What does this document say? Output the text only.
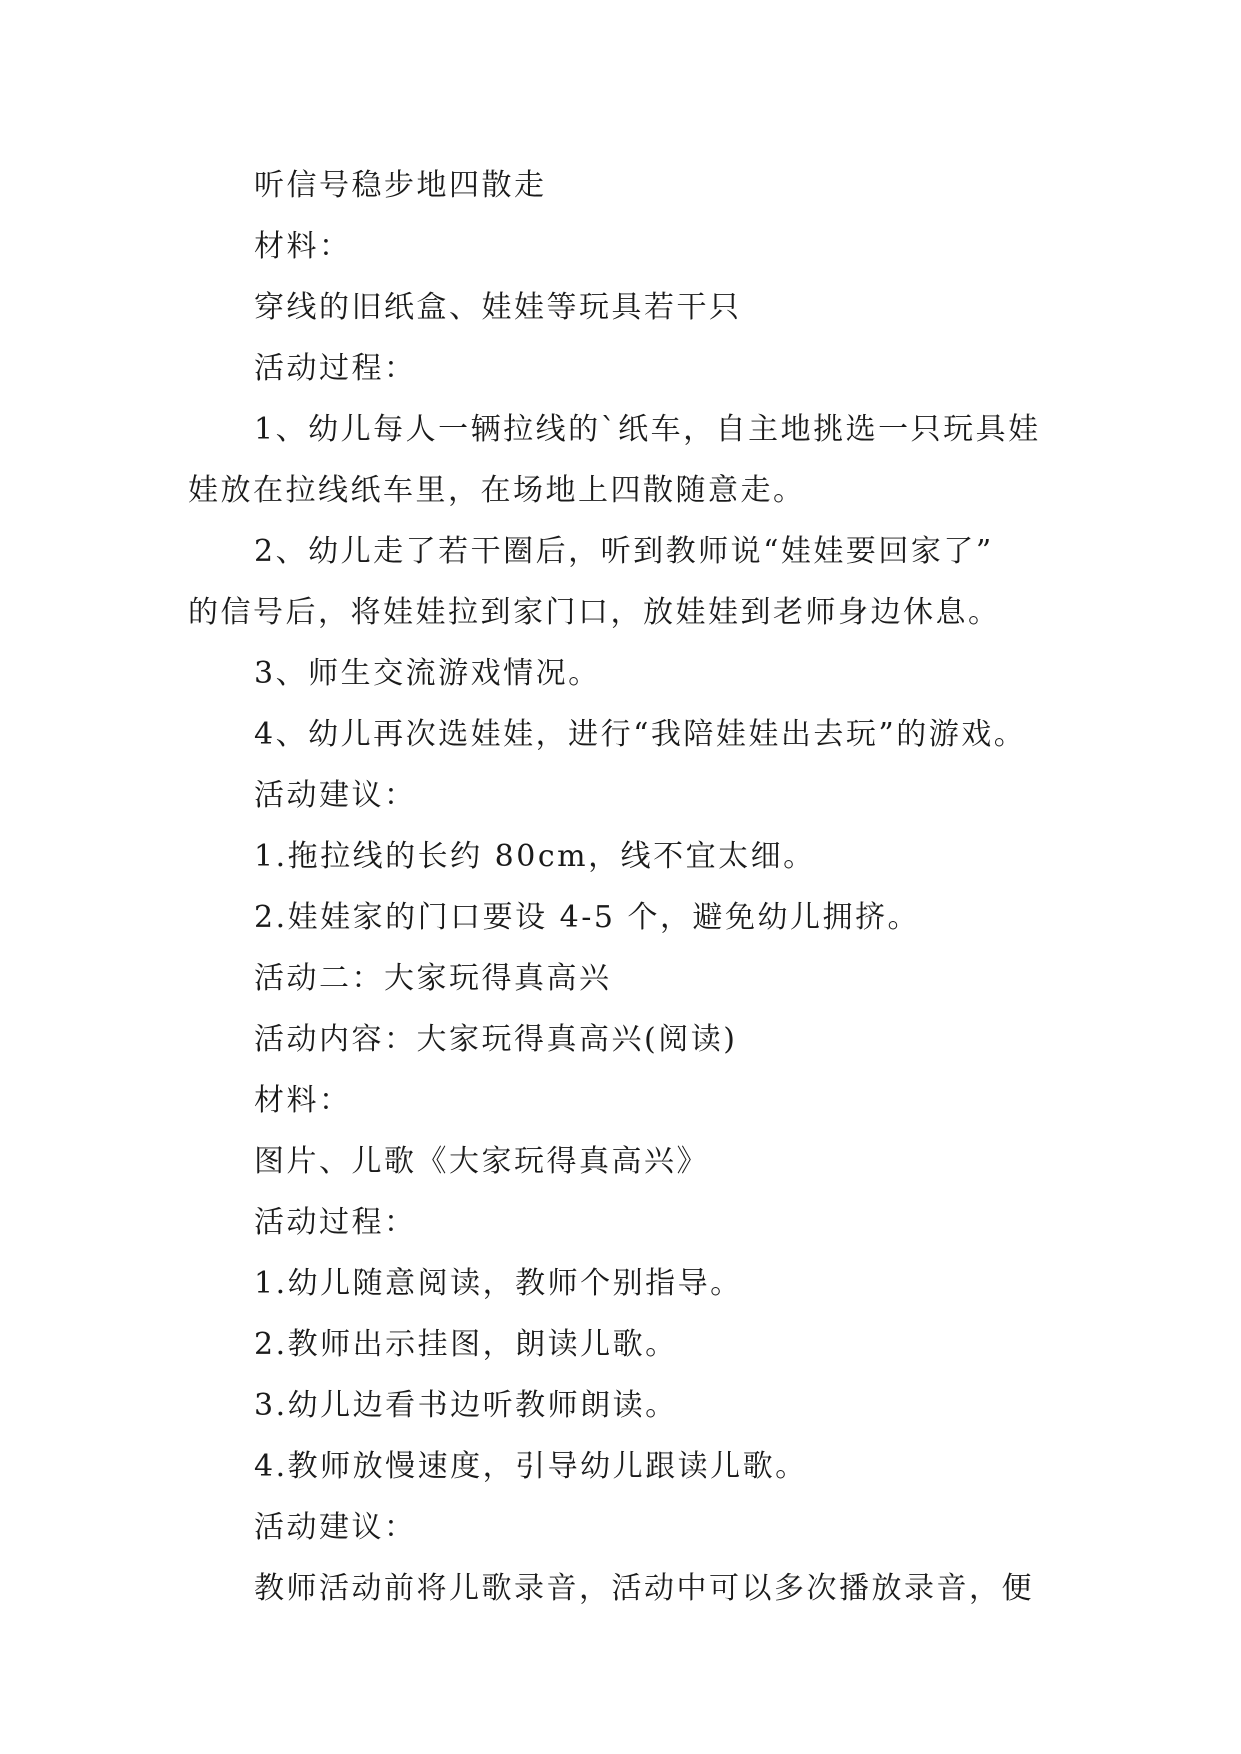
听信号稳步地四散走
材料：
穿线的旧纸盒、娃娃等玩具若干只
活动过程：
1、幼儿每人一辆拉线的`纸车，自主地挑选一只玩具娃
娃放在拉线纸车里，在场地上四散随意走。
2、幼儿走了若干圈后，听到教师说“娃娃要回家了”
的信号后，将娃娃拉到家门口，放娃娃到老师身边休息。
3、师生交流游戏情况。
4、幼儿再次选娃娃，进行“我陪娃娃出去玩”的游戏。
活动建议：
1.拖拉线的长约 80cm，线不宜太细。
2.娃娃家的门口要设 4-5 个，避免幼儿拥挤。
活动二：大家玩得真高兴
活动内容：大家玩得真高兴(阅读)
材料：
图片、儿歌《大家玩得真高兴》
活动过程：
1.幼儿随意阅读，教师个别指导。
2.教师出示挂图，朗读儿歌。
3.幼儿边看书边听教师朗读。
4.教师放慢速度，引导幼儿跟读儿歌。
活动建议：
教师活动前将儿歌录音，活动中可以多次播放录音，便
